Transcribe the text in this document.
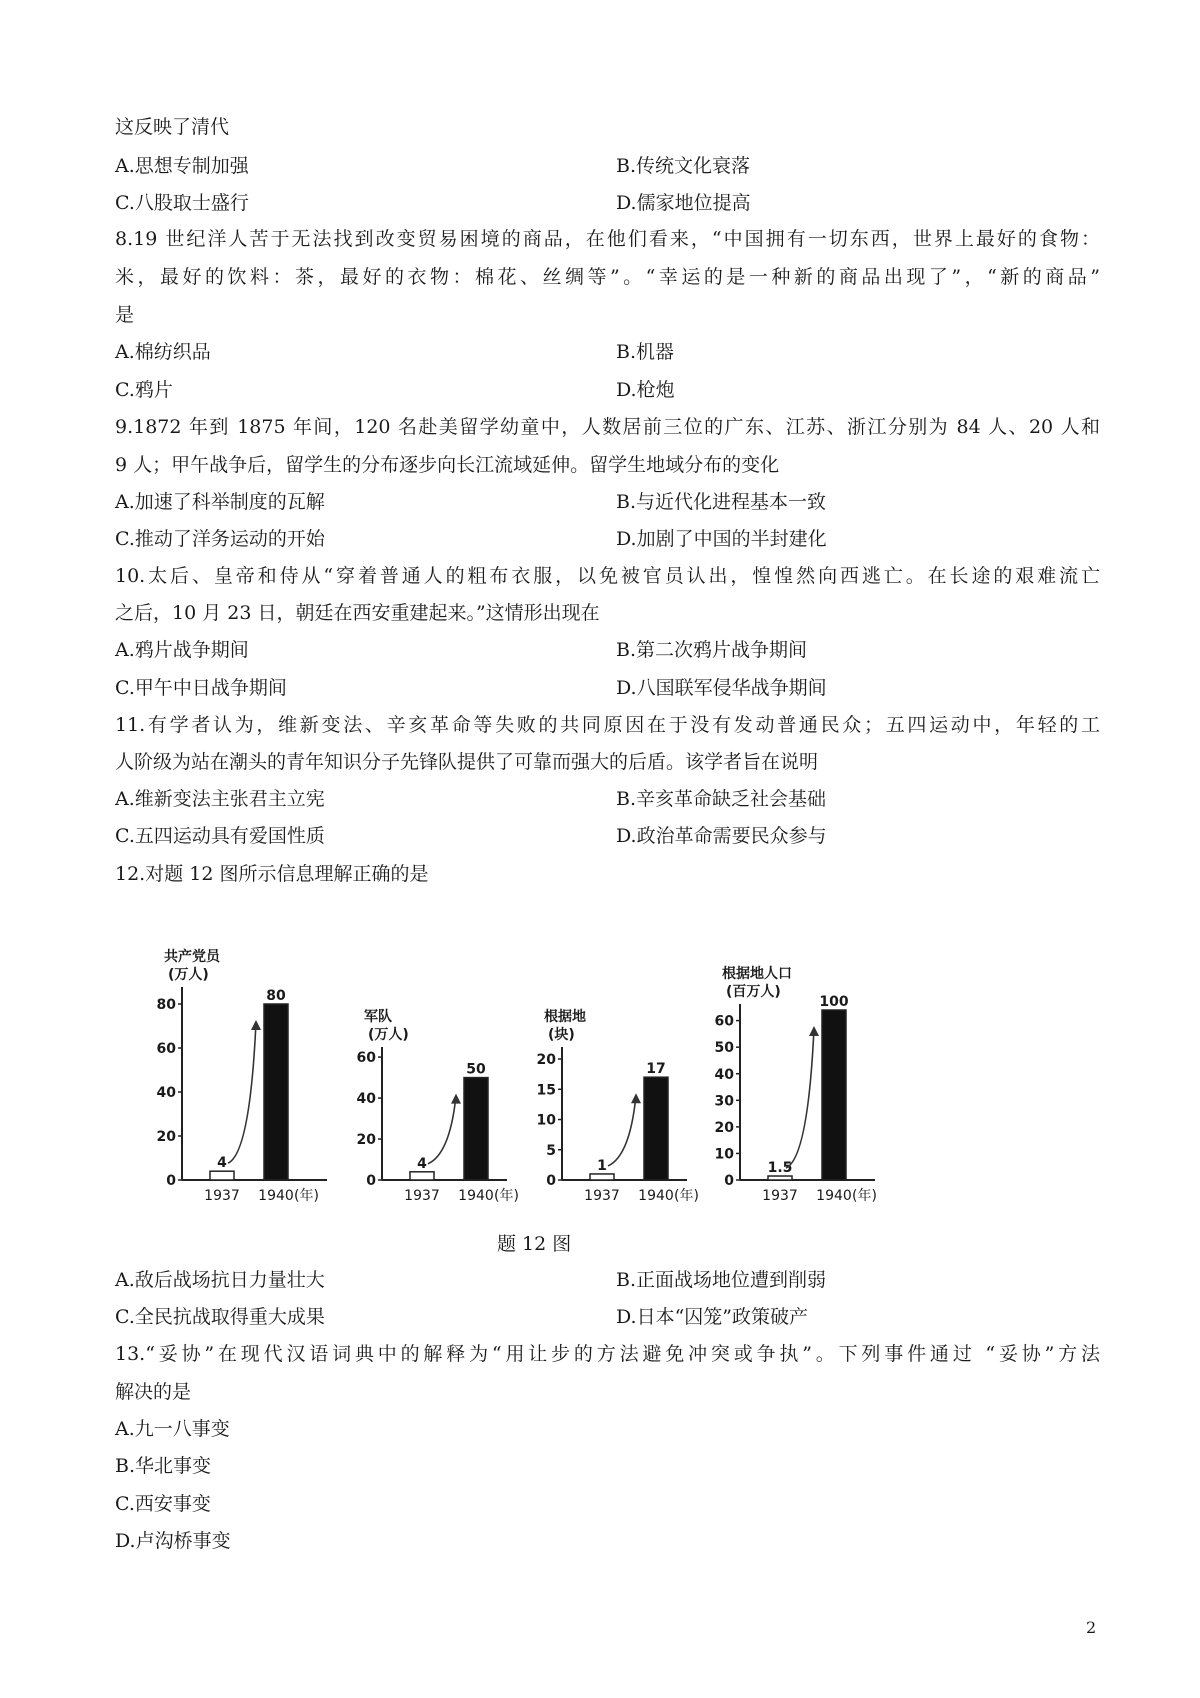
这反映了清代
A.思想专制加强	B.传统文化衰落
C.八股取士盛行	D.儒家地位提高
8.19 世纪洋人苦于无法找到改变贸易困境的商品，在他们看来，“中国拥有一切东西，世界上最好的食物：
米，最好的饮料：茶，最好的衣物：棉花、丝绸等”。“幸运的是一种新的商品出现了”，“新的商品”
是
A.棉纺织品	B.机器
C.鸦片	D.枪炮
9.1872 年到 1875 年间，120 名赴美留学幼童中，人数居前三位的广东、江苏、浙江分别为 84 人、20 人和
9 人；甲午战争后，留学生的分布逐步向长江流域延伸。留学生地域分布的变化
A.加速了科举制度的瓦解	B.与近代化进程基本一致
C.推动了洋务运动的开始	D.加剧了中国的半封建化
10.太后、皇帝和侍从“穿着普通人的粗布衣服，以免被官员认出，惶惶然向西逃亡。在长途的艰难流亡
之后，10 月 23 日，朝廷在西安重建起来。”这情形出现在
A.鸦片战争期间	B.第二次鸦片战争期间
C.甲午中日战争期间	D.八国联军侵华战争期间
11.有学者认为，维新变法、辛亥革命等失败的共同原因在于没有发动普通民众；五四运动中，年轻的工
人阶级为站在潮头的青年知识分子先锋队提供了可靠而强大的后盾。该学者旨在说明
A.维新变法主张君主立宪	B.辛亥革命缺乏社会基础
C.五四运动具有爱国性质	D.政治革命需要民众参与
12.对题 12 图所示信息理解正确的是
共产党员
(万人)
0
20
40
60
80
4
1937
80
1940 (年)
军队
(万人)
0
20
40
60
4
1937
50
1940 (年)
根据地
(块)
0
5
10
15
20
1
1937
17
1940 (年)
根据地人口
(百万人)
0
10
20
30
40
50
60
1.5
1937
100
1940 (年)
题 12 图
A.敌后战场抗日力量壮大	B.正面战场地位遭到削弱
C.全民抗战取得重大成果	D.日本“囚笼”政策破产
13.“妥协”在现代汉语词典中的解释为“用让步的方法避免冲突或争执”。下列事件通过 “妥协”方法
解决的是
A.九一八事变
B.华北事变
C.西安事变
D.卢沟桥事变
2
